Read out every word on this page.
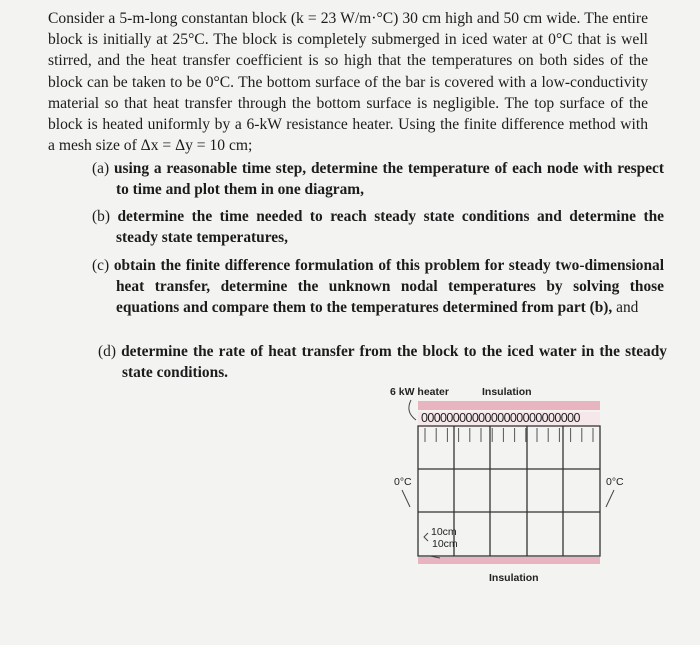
Consider a 5-m-long constantan block (k = 23 W/m·°C) 30 cm high and 50 cm wide. The entire block is initially at 25°C. The block is completely submerged in iced water at 0°C that is well stirred, and the heat transfer coefficient is so high that the temperatures on both sides of the block can be taken to be 0°C. The bottom surface of the bar is covered with a low-conductivity material so that heat transfer through the bottom surface is negligible. The top surface of the block is heated uniformly by a 6-kW resistance heater. Using the finite difference method with a mesh size of Δx = Δy = 10 cm;
(a) using a reasonable time step, determine the temperature of each node with respect to time and plot them in one diagram,
(b) determine the time needed to reach steady state conditions and determine the steady state temperatures,
(c) obtain the finite difference formulation of this problem for steady two-dimensional heat transfer, determine the unknown nodal temperatures by solving those equations and compare them to the temperatures determined from part (b), and
(d) determine the rate of heat transfer from the block to the iced water in the steady state conditions.
6 kW heater	Insulation
0000000000000000000000000
0°C	0°C
10cm
10cm
Insulation
